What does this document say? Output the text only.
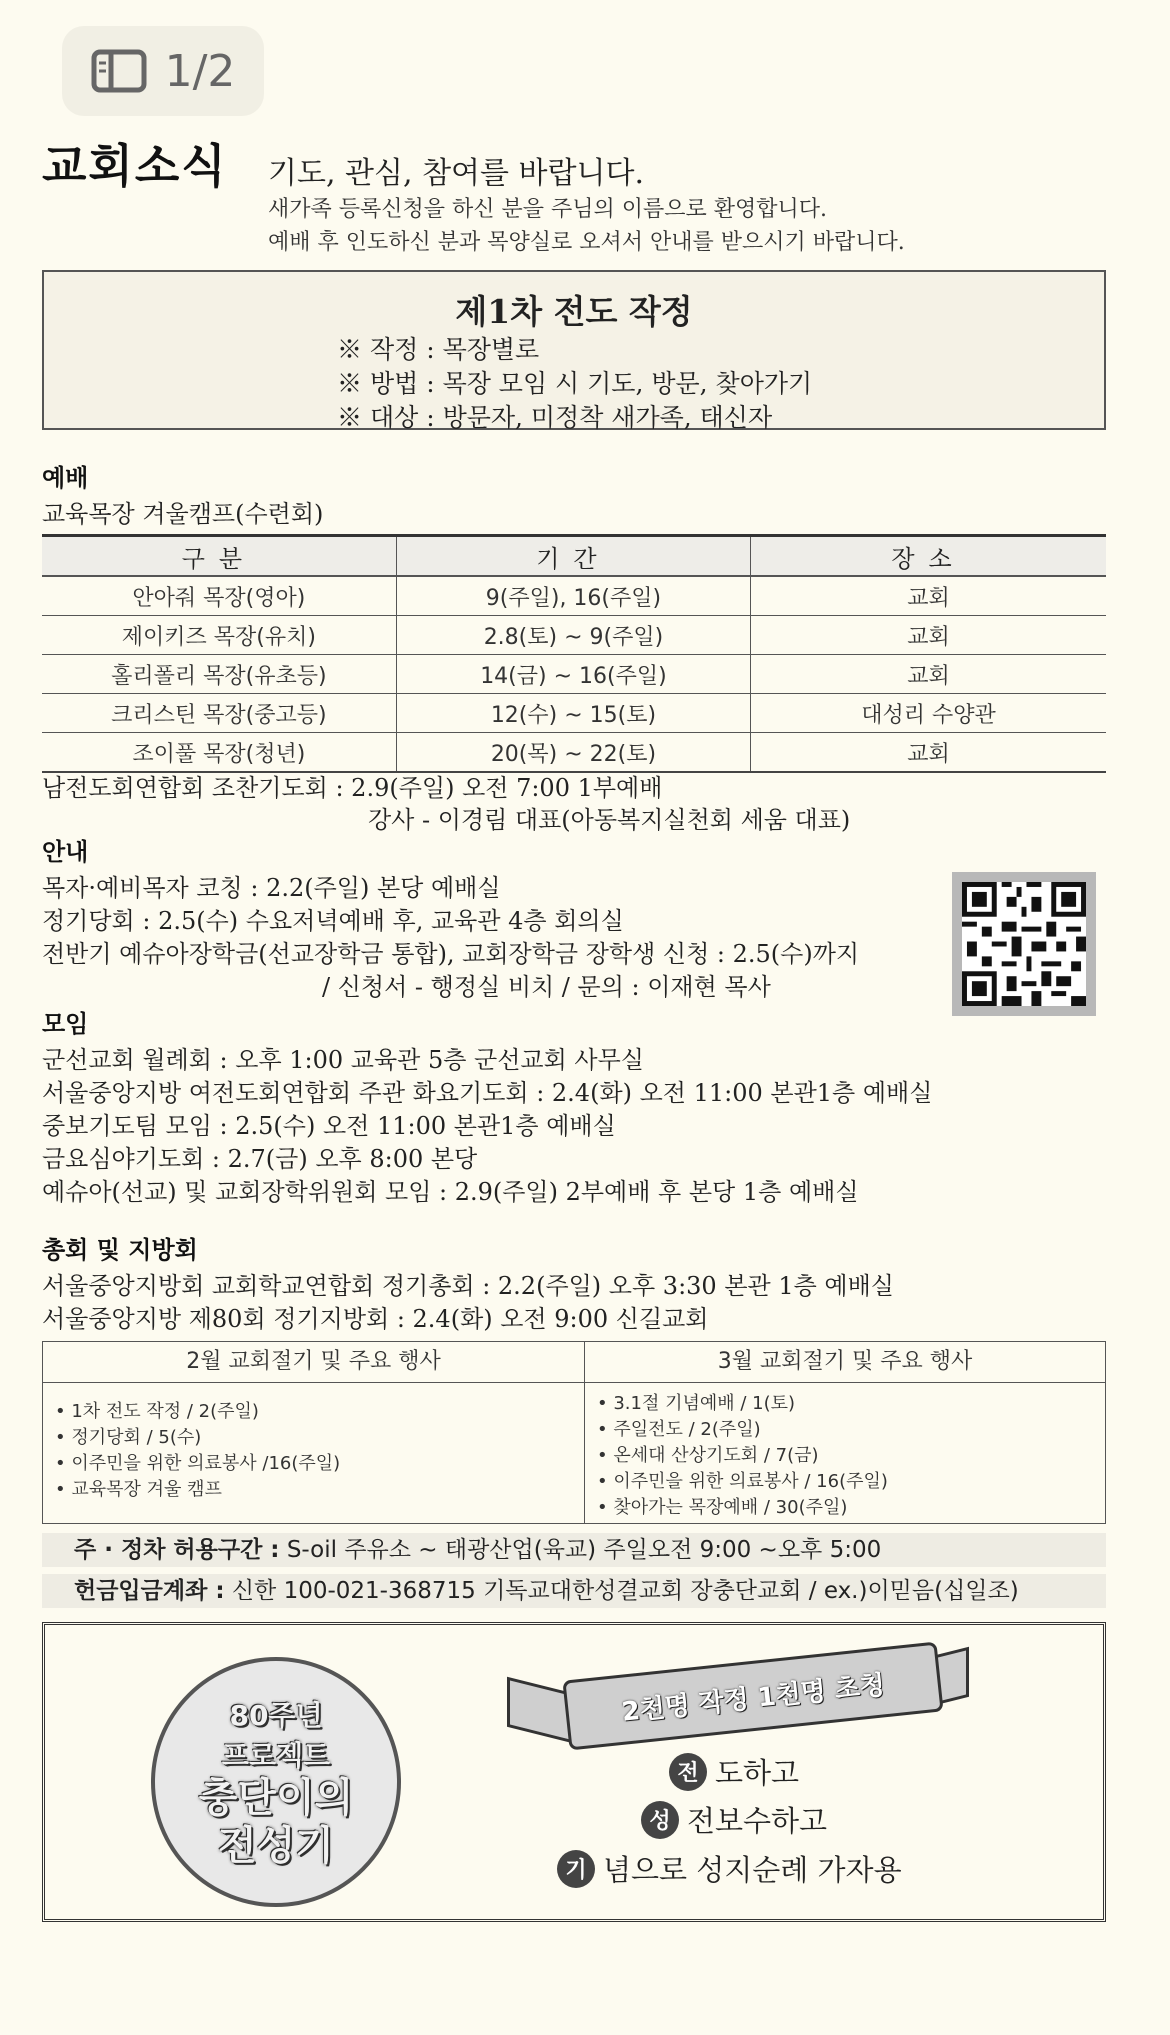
1/2
교회소식 기도, 관심, 참여를 바랍니다.
새가족 등록신청을 하신 분을 주님의 이름으로 환영합니다.
예배 후 인도하신 분과 목양실로 오셔서 안내를 받으시기 바랍니다.
제1차 전도 작정
※ 작정 : 목장별로
※ 방법 : 목장 모임 시 기도, 방문, 찾아가기
※ 대상 : 방문자, 미정착 새가족, 태신자
예배
교육목장 겨울캠프(수련회)
구분	기간	장소
안아줘 목장(영아)	9(주일), 16(주일)	교회
제이키즈 목장(유치)	2.8(토) ~ 9(주일)	교회
홀리폴리 목장(유초등)	14(금) ~ 16(주일)	교회
크리스틴 목장(중고등)	12(수) ~ 15(토)	대성리 수양관
조이풀 목장(청년)	20(목) ~ 22(토)	교회
남전도회연합회 조찬기도회 : 2.9(주일) 오전 7:00 1부예배
강사 - 이경림 대표(아동복지실천회 세움 대표)
안내
목자·예비목자 코칭 : 2.2(주일) 본당 예배실
정기당회 : 2.5(수) 수요저녁예배 후, 교육관 4층 회의실
전반기 예슈아장학금(선교장학금 통합), 교회장학금 장학생 신청 : 2.5(수)까지
/ 신청서 - 행정실 비치 / 문의 : 이재현 목사
모임
군선교회 월례회 : 오후 1:00 교육관 5층 군선교회 사무실
서울중앙지방 여전도회연합회 주관 화요기도회 : 2.4(화) 오전 11:00 본관1층 예배실
중보기도팀 모임 : 2.5(수) 오전 11:00 본관1층 예배실
금요심야기도회 : 2.7(금) 오후 8:00 본당
예슈아(선교) 및 교회장학위원회 모임 : 2.9(주일) 2부예배 후 본당 1층 예배실
총회 및 지방회
서울중앙지방회 교회학교연합회 정기총회 : 2.2(주일) 오후 3:30 본관 1층 예배실
서울중앙지방 제80회 정기지방회 : 2.4(화) 오전 9:00 신길교회
2월 교회절기 및 주요 행사
• 1차 전도 작정 / 2(주일)
• 정기당회 / 5(수)
• 이주민을 위한 의료봉사 /16(주일)
• 교육목장 겨울 캠프
3월 교회절기 및 주요 행사
• 3.1절 기념예배 / 1(토)
• 주일전도 / 2(주일)
• 온세대 산상기도회 / 7(금)
• 이주민을 위한 의료봉사 / 16(주일)
• 찾아가는 목장예배 / 30(주일)
주 · 정차 허용구간 : S-oil 주유소 ~ 태광산업(육교) 주일오전 9:00 ~오후 5:00
헌금입금계좌 : 신한 100-021-368715 기독교대한성결교회 장충단교회 / ex.)이믿음(십일조)
80주년
프로젝트
충단이의
전성기
2천명 작정 1천명 초청
전 도하고
성 전보수하고
기 념으로 성지순례 가자용
